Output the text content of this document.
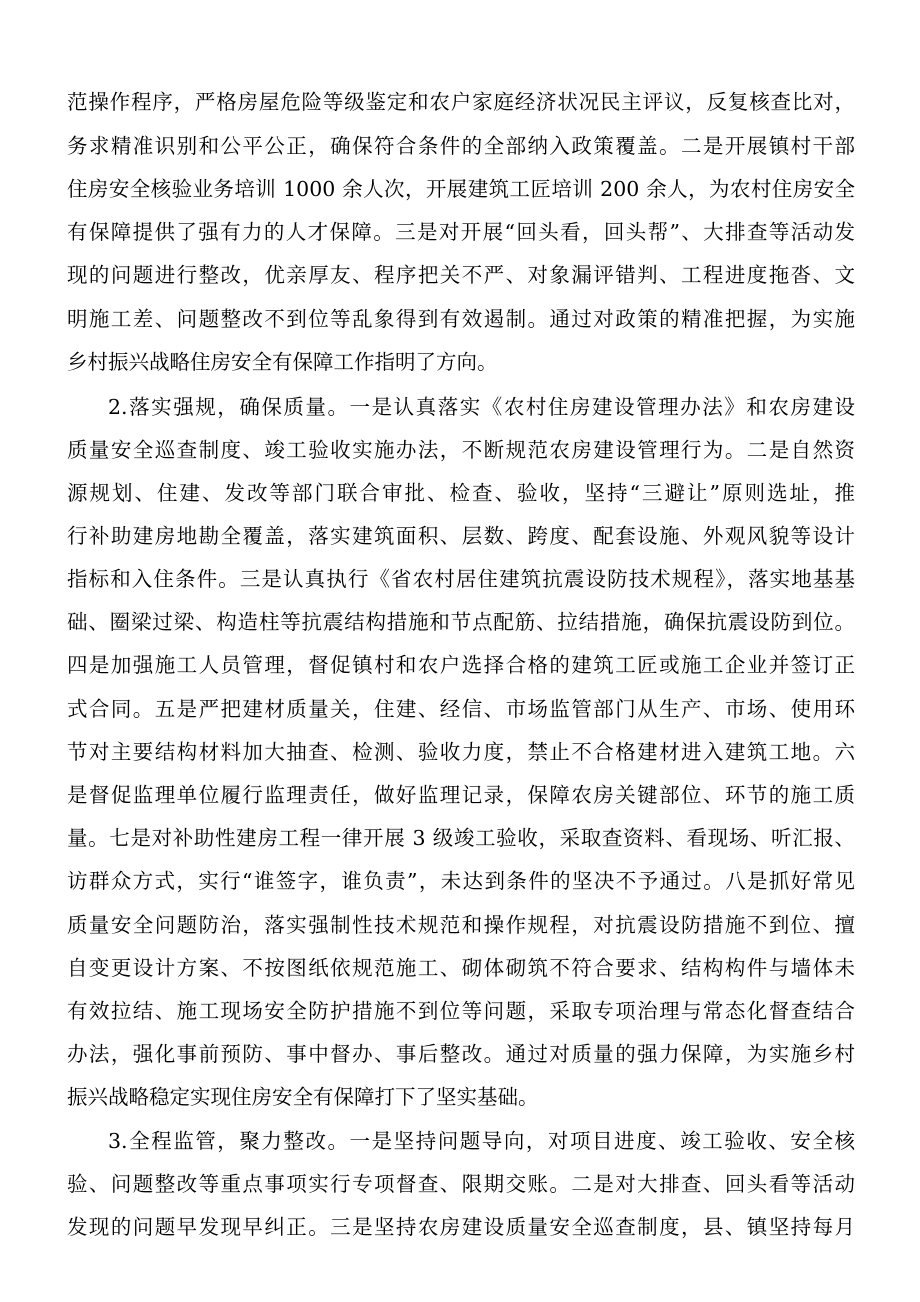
范操作程序，严格房屋危险等级鉴定和农户家庭经济状况民主评议，反复核查比对，

务求精准识别和公平公正，确保符合条件的全部纳入政策覆盖。二是开展镇村干部

住房安全核验业务培训 1000 余人次，开展建筑工匠培训 200 余人，为农村住房安全

有保障提供了强有力的人才保障。三是对开展“回头看，回头帮”、大排查等活动发

现的问题进行整改，优亲厚友、程序把关不严、对象漏评错判、工程进度拖沓、文

明施工差、问题整改不到位等乱象得到有效遏制。通过对政策的精准把握，为实施

乡村振兴战略住房安全有保障工作指明了方向。

2.落实强规，确保质量。一是认真落实《农村住房建设管理办法》和农房建设

质量安全巡查制度、竣工验收实施办法，不断规范农房建设管理行为。二是自然资

源规划、住建、发改等部门联合审批、检查、验收，坚持“三避让”原则选址，推

行补助建房地勘全覆盖，落实建筑面积、层数、跨度、配套设施、外观风貌等设计

指标和入住条件。三是认真执行《省农村居住建筑抗震设防技术规程》，落实地基基

础、圈梁过梁、构造柱等抗震结构措施和节点配筋、拉结措施，确保抗震设防到位。

四是加强施工人员管理，督促镇村和农户选择合格的建筑工匠或施工企业并签订正

式合同。五是严把建材质量关，住建、经信、市场监管部门从生产、市场、使用环

节对主要结构材料加大抽查、检测、验收力度，禁止不合格建材进入建筑工地。六

是督促监理单位履行监理责任，做好监理记录，保障农房关键部位、环节的施工质

量。七是对补助性建房工程一律开展 3 级竣工验收，采取查资料、看现场、听汇报、

访群众方式，实行“谁签字，谁负责”，未达到条件的坚决不予通过。八是抓好常见

质量安全问题防治，落实强制性技术规范和操作规程，对抗震设防措施不到位、擅

自变更设计方案、不按图纸依规范施工、砌体砌筑不符合要求、结构构件与墙体未

有效拉结、施工现场安全防护措施不到位等问题，采取专项治理与常态化督查结合

办法，强化事前预防、事中督办、事后整改。通过对质量的强力保障，为实施乡村

振兴战略稳定实现住房安全有保障打下了坚实基础。

3.全程监管，聚力整改。一是坚持问题导向，对项目进度、竣工验收、安全核

验、问题整改等重点事项实行专项督查、限期交账。二是对大排查、回头看等活动

发现的问题早发现早纠正。三是坚持农房建设质量安全巡查制度，县、镇坚持每月
